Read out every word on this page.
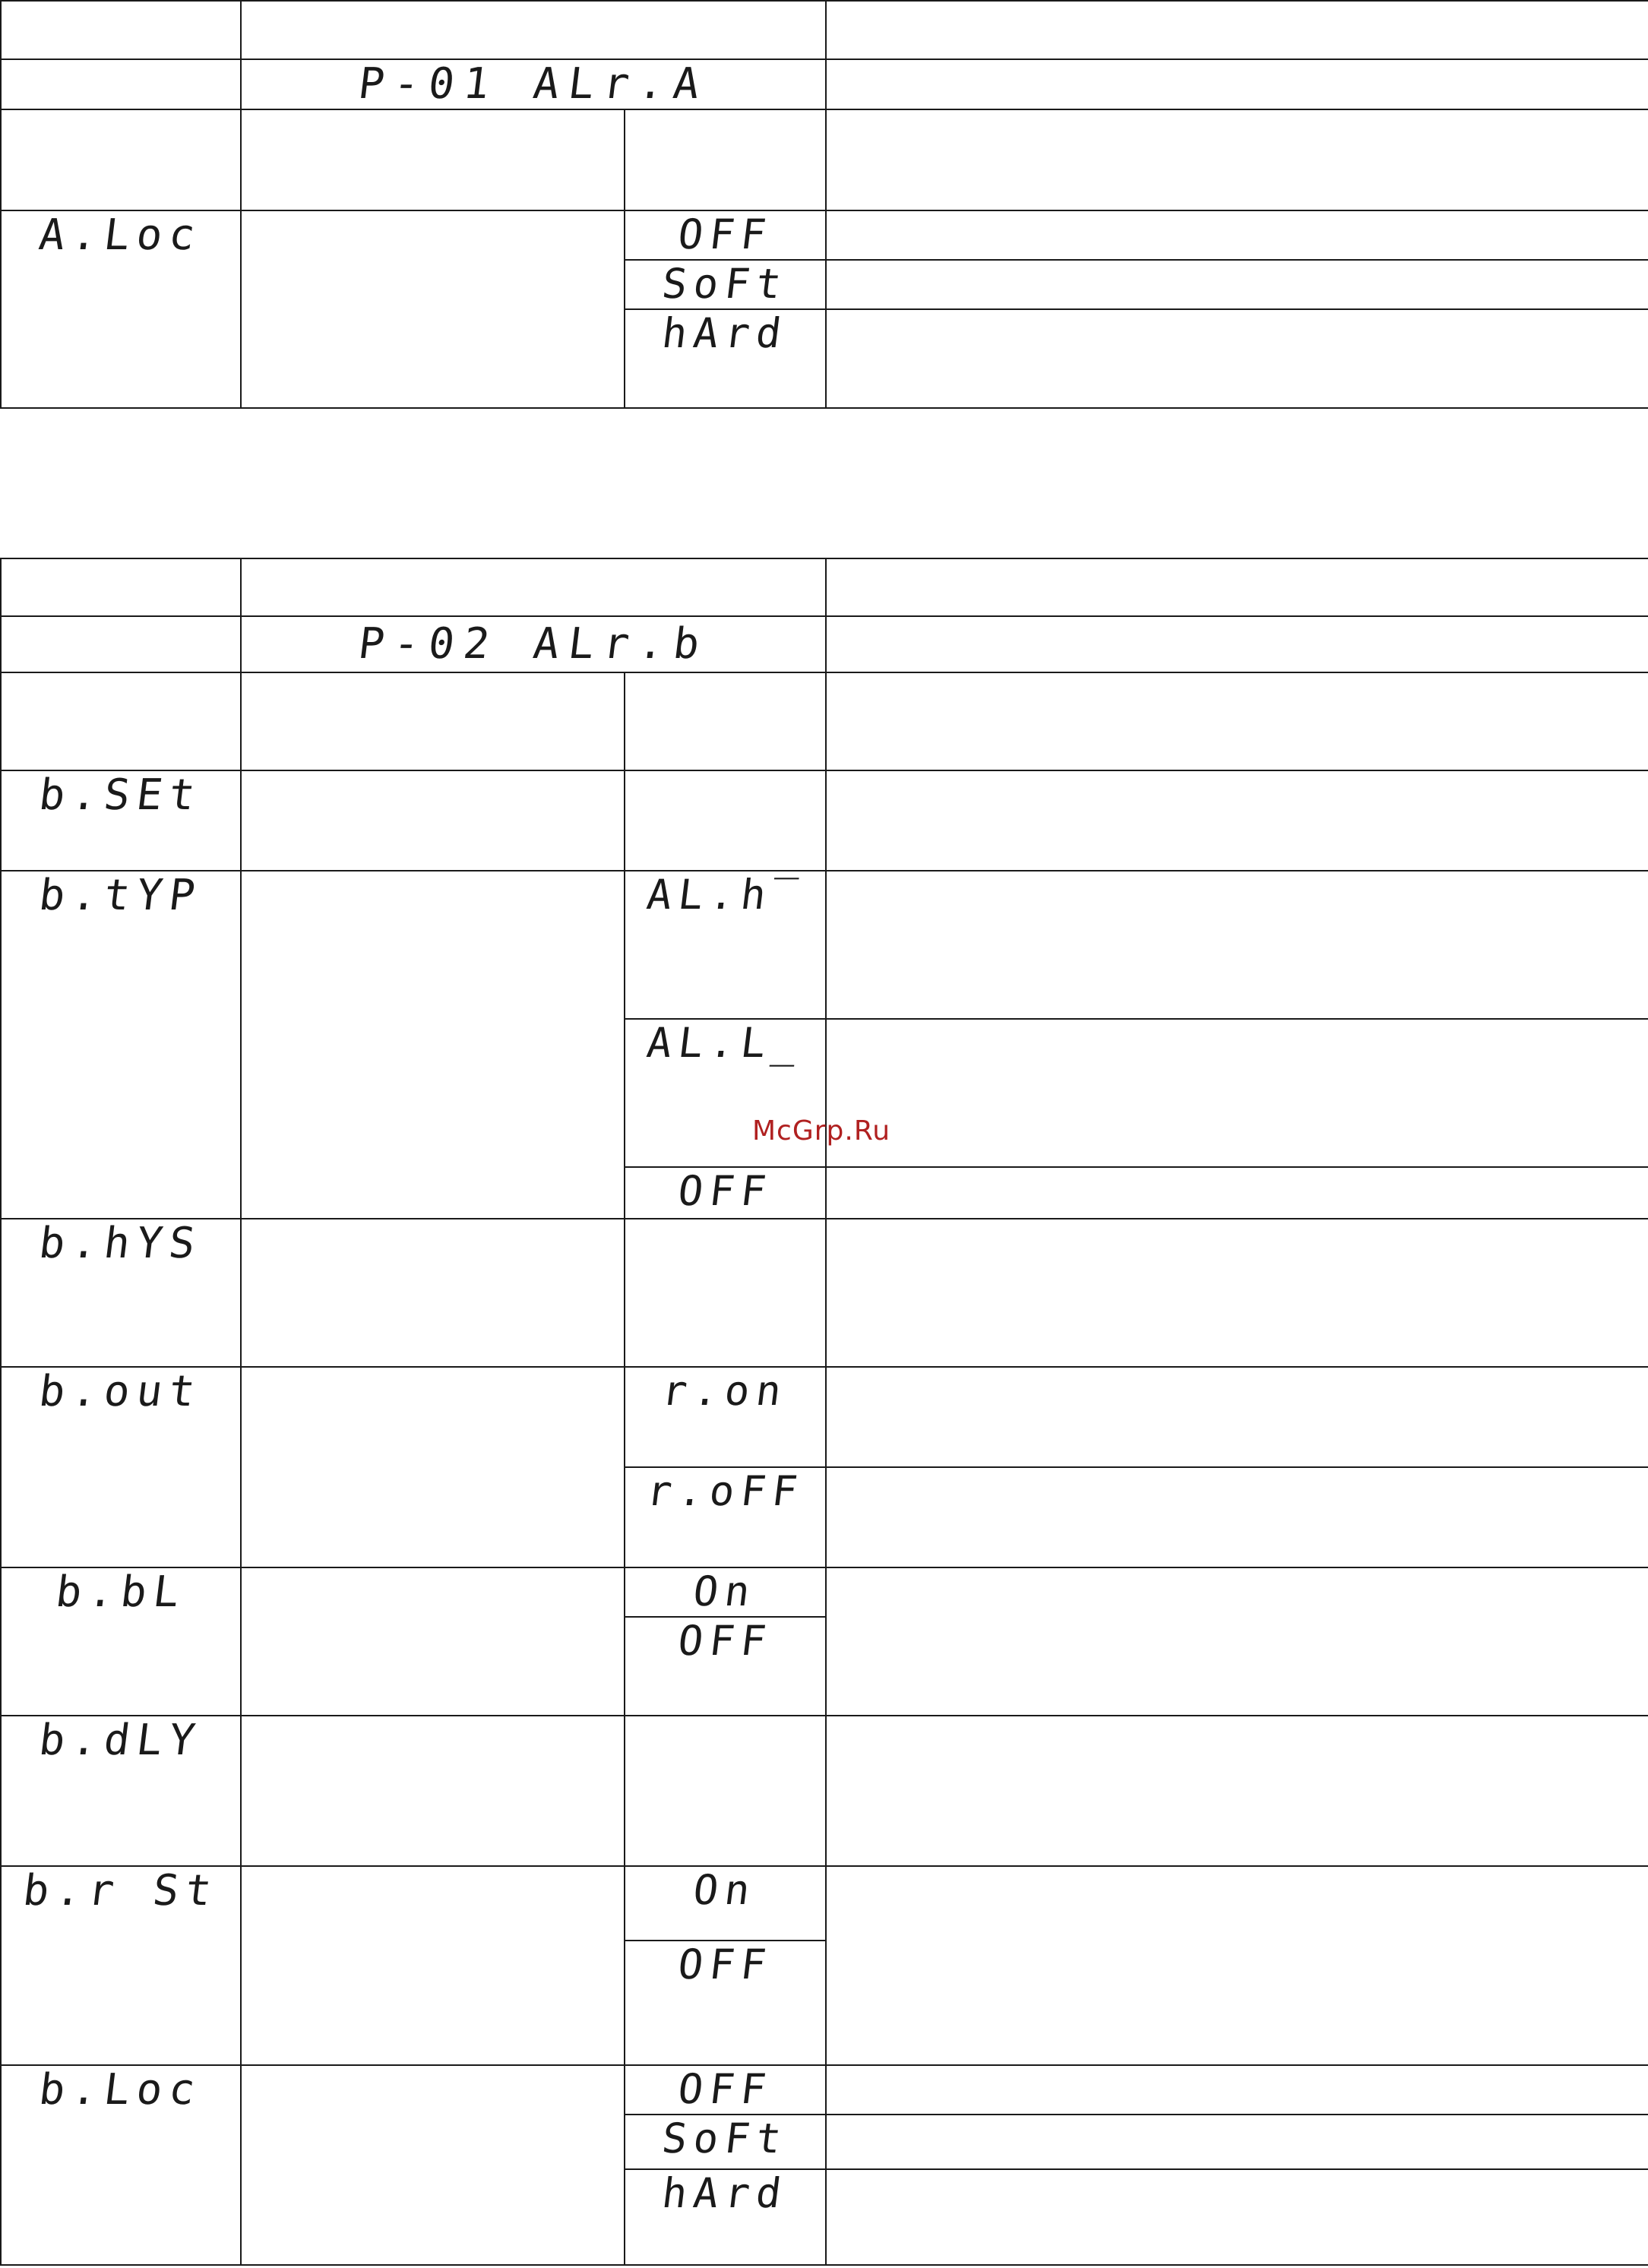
	P-01 ALr.A		

A.Loc		OFF	
		SoFt	
		hArd	

	P-02 ALr.b		

b.SEt			
b.tYP		AL.h‾	
		AL.L_	
		OFF	
b.hYS			
b.out		r.on	
		r.oFF	
b.bL		On	
		OFF	
b.dLY			
b.r St		On	
		OFF	
b.Loc		OFF	
		SoFt	
		hArd	
McGrp.Ru
